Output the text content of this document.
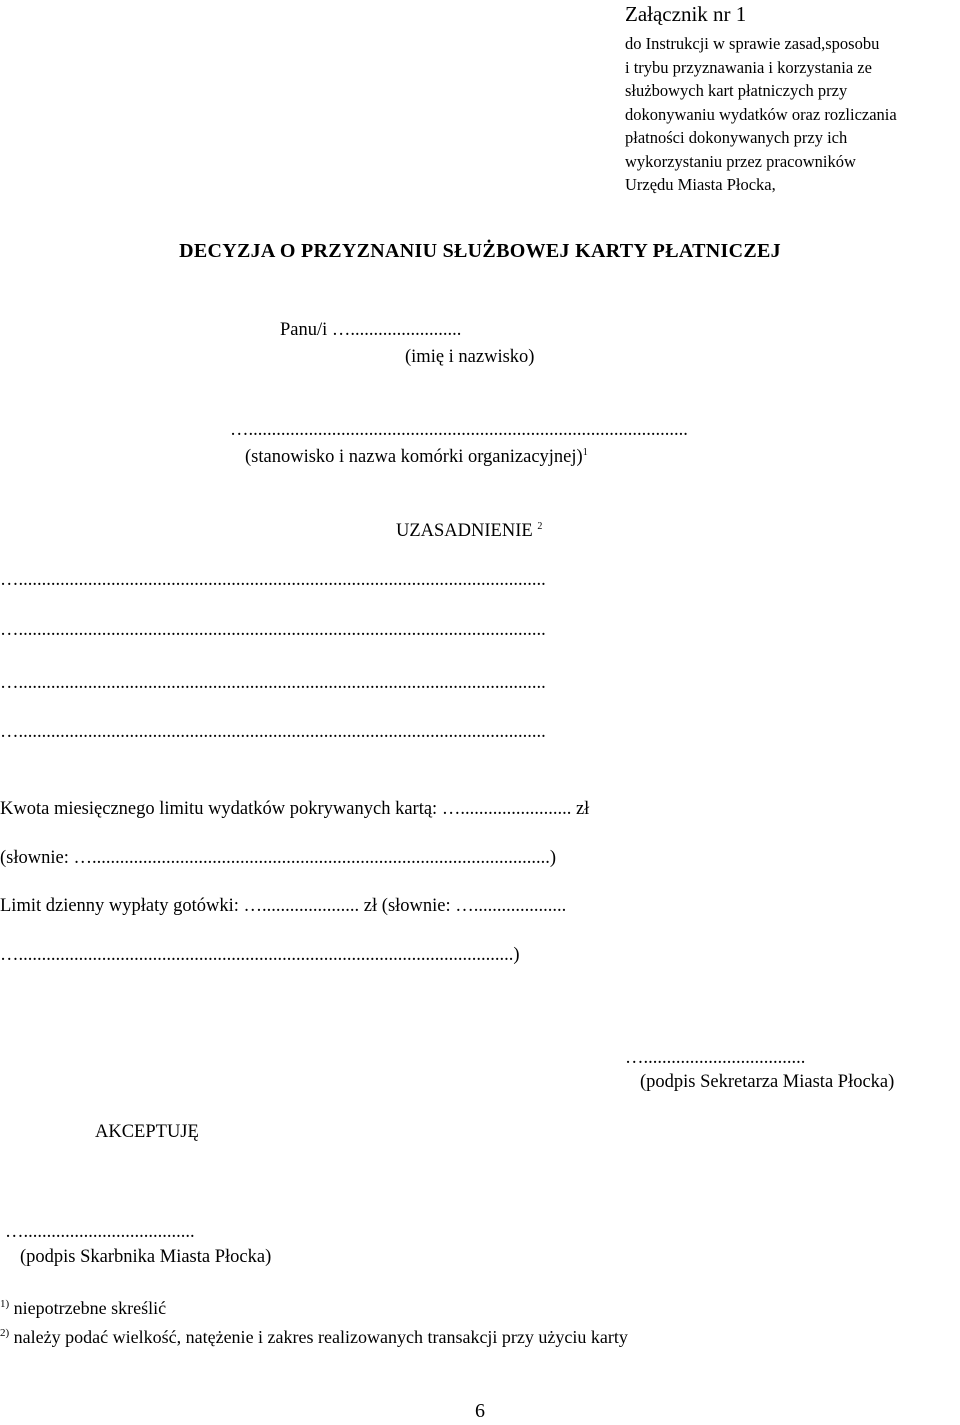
Załącznik nr 1
do Instrukcji w sprawie zasad,sposobu
i trybu przyznawania i korzystania ze
służbowych kart płatniczych przy
dokonywaniu wydatków oraz rozliczania
płatności dokonywanych przy ich
wykorzystaniu przez pracowników
Urzędu Miasta Płocka,
DECYZJA O PRZYZNANIU SŁUŻBOWEJ KARTY PŁATNICZEJ
Panu/i …........................
(imię i nazwisko)
…...............................................................................................
(stanowisko i nazwa komórki organizacyjnej)$^1$
UZASADNIENIE $^2$
…..................................................................................................................
…..................................................................................................................
…..................................................................................................................
…..................................................................................................................
Kwota miesięcznego limitu wydatków pokrywanych kartą: …........................ zł
(słownie: …...................................................................................................)
Limit dzienny wypłaty gotówki: …..................... zł (słownie: …....................
…...........................................................................................................)
…...................................
(podpis Sekretarza Miasta Płocka)
AKCEPTUJĘ
….....................................
(podpis Skarbnika Miasta Płocka)
$^{1)}$ niepotrzebne skreślić
$^{2)}$ należy podać wielkość, natężenie i zakres realizowanych transakcji przy użyciu karty
6
